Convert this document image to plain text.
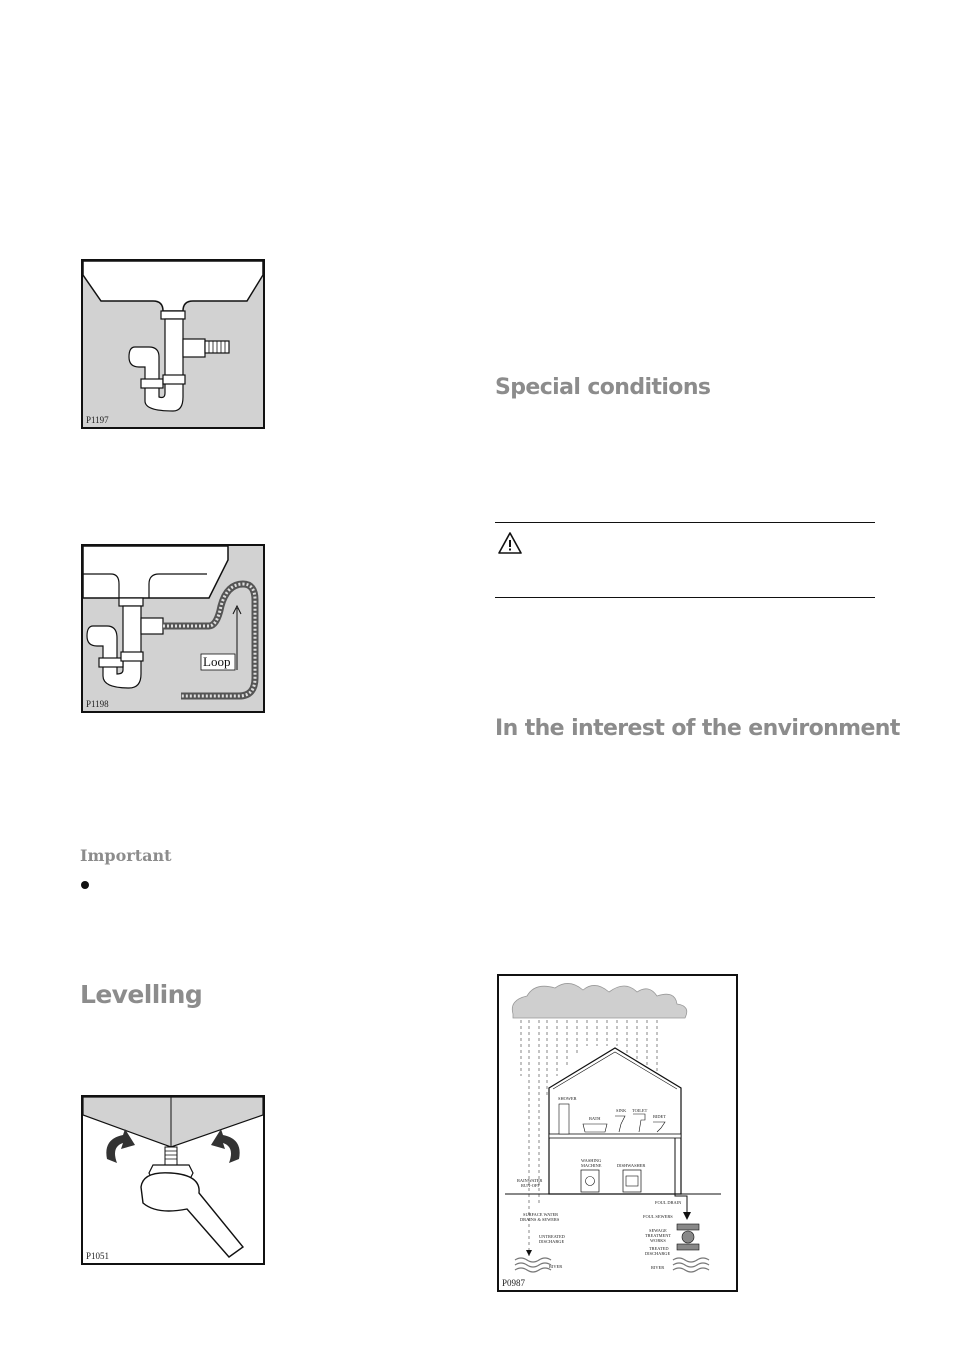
P1197
Loop
P1198
Important
Levelling
P1051
Special conditions
In the interest of the environment
SHOWER
BATH
SINK TOILET
BIDET
WASHING
MACHINE	DISHWASHER
RAINWATER
RUN-OFF
FOUL DRAIN
SURFACE WATER
DRAINS & SEWERS
FOUL SEWERS
SEWAGE
TREATMENT
WORKS
UNTREATED
DISCHARGE
TREATED
DISCHARGE
RIVER	RIVER
P0987
